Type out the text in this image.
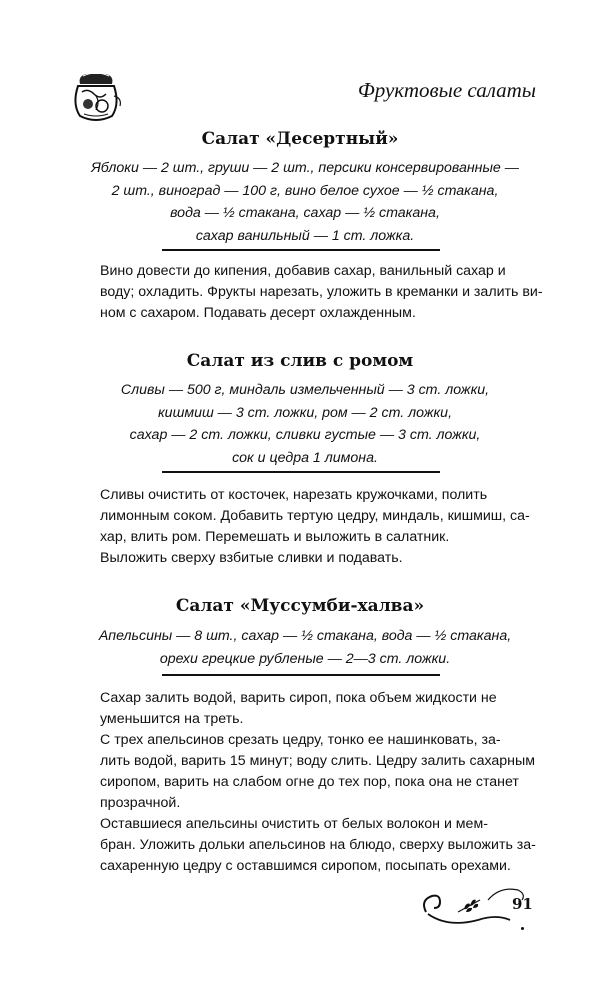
Фруктовые салаты
Салат «Десертный»
Яблоки — 2 шт., груши — 2 шт., персики консервированные —
2 шт., виноград — 100 г, вино белое сухое — ½ стакана,
вода — ½ стакана, сахар — ½ стакана,
сахар ванильный — 1 ст. ложка.

Вино довести до кипения, добавив сахар, ванильный сахар и
воду; охладить. Фрукты нарезать, уложить в креманки и залить ви-
ном с сахаром. Подавать десерт охлажденным.

Салат из слив с ромом
Сливы — 500 г, миндаль измельченный — 3 ст. ложки,
кишмиш — 3 ст. ложки, ром — 2 ст. ложки,
сахар — 2 ст. ложки, сливки густые — 3 ст. ложки,
сок и цедра 1 лимона.

Сливы очистить от косточек, нарезать кружочками, полить
лимонным соком. Добавить тертую цедру, миндаль, кишмиш, са-
хар, влить ром. Перемешать и выложить в салатник.

Выложить сверху взбитые сливки и подавать.

Салат «Муссумби-халва»
Апельсины — 8 шт., сахар — ½ стакана, вода — ½ стакана,
орехи грецкие рубленые — 2—3 ст. ложки.

Сахар залить водой, варить сироп, пока объем жидкости не
уменьшится на треть.

С трех апельсинов срезать цедру, тонко ее нашинковать, за-
лить водой, варить 15 минут; воду слить. Цедру залить сахарным
сиропом, варить на слабом огне до тех пор, пока она не станет
прозрачной.

Оставшиеся апельсины очистить от белых волокон и мем-
бран. Уложить дольки апельсинов на блюдо, сверху выложить за-
сахаренную цедру с оставшимся сиропом, посыпать орехами.

91
